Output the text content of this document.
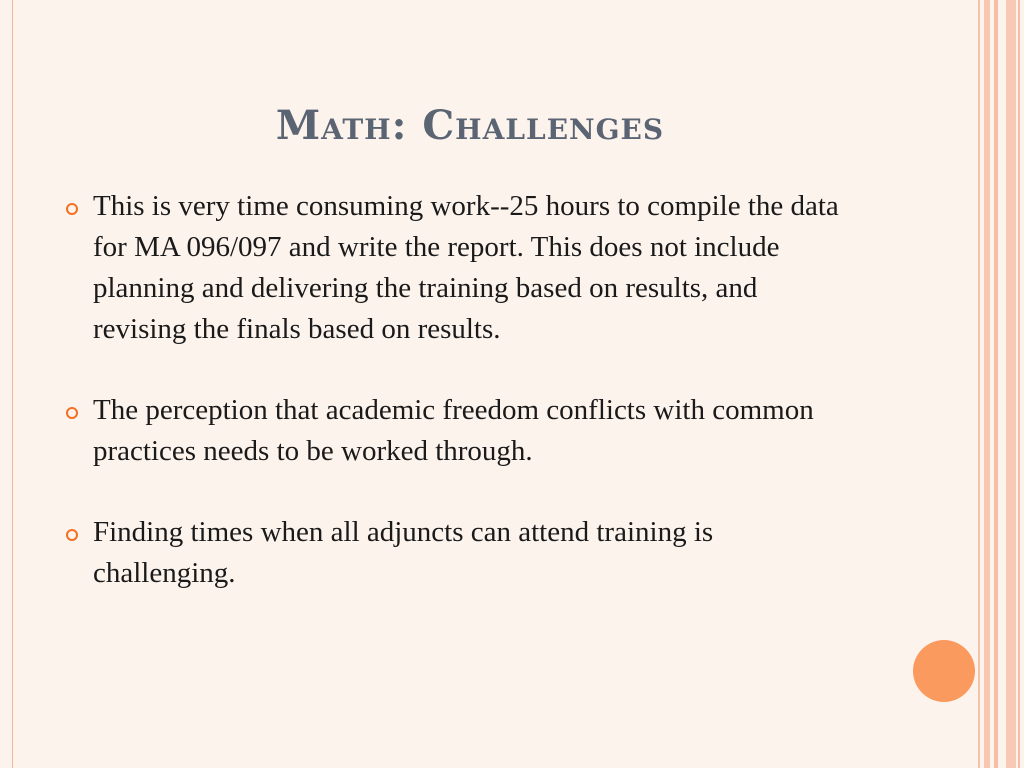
Math: Challenges
This is very time consuming work--25 hours to compile the data for MA 096/097 and write the report. This does not include planning and delivering the training based on results, and revising the finals based on results.
The perception that academic freedom conflicts with common practices needs to be worked through.
Finding times when all adjuncts can attend training is challenging.
